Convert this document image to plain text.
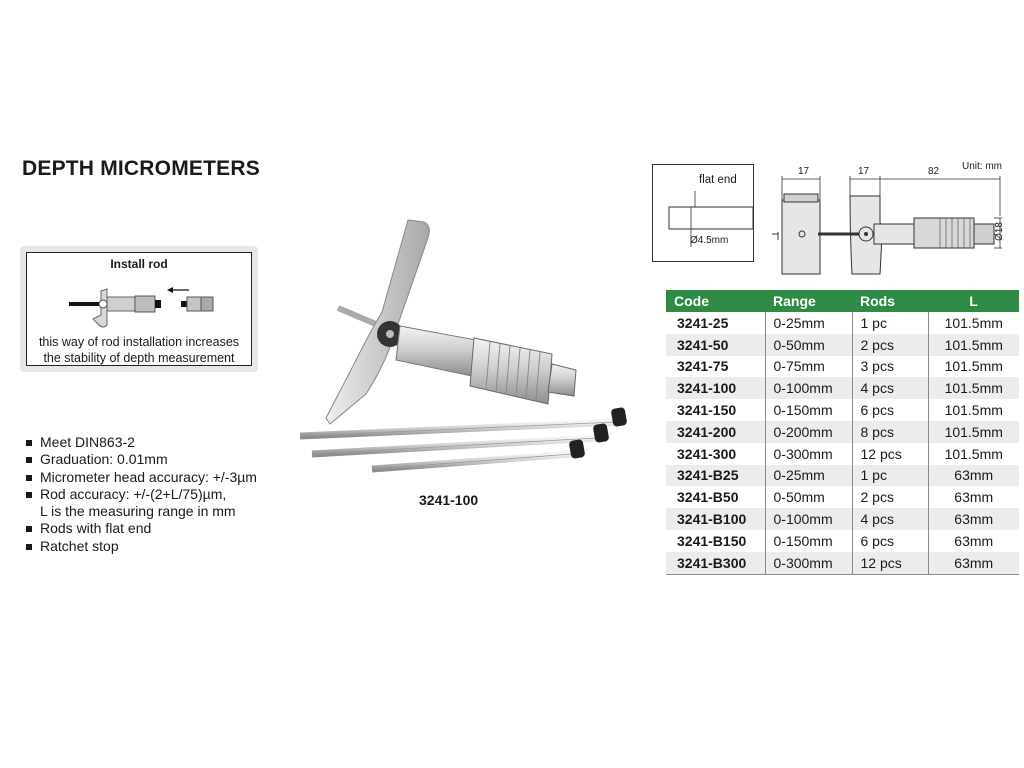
DEPTH MICROMETERS
Install rod
this way of rod installation increases
the stability of depth measurement
Meet DIN863-2
Graduation: 0.01mm
Micrometer head accuracy: +/-3µm
Rod accuracy: +/-(2+L/75)µm,
L is the measuring range in mm
Rods with flat end
Ratchet stop
3241-100
Unit: mm
flat end
Ø4.5mm
17	17	82
Ø18
Code	Range	Rods	L
3241-25	0-25mm	1 pc	101.5mm
3241-50	0-50mm	2 pcs	101.5mm
3241-75	0-75mm	3 pcs	101.5mm
3241-100	0-100mm	4 pcs	101.5mm
3241-150	0-150mm	6 pcs	101.5mm
3241-200	0-200mm	8 pcs	101.5mm
3241-300	0-300mm	12 pcs	101.5mm
3241-B25	0-25mm	1 pc	63mm
3241-B50	0-50mm	2 pcs	63mm
3241-B100	0-100mm	4 pcs	63mm
3241-B150	0-150mm	6 pcs	63mm
3241-B300	0-300mm	12 pcs	63mm
